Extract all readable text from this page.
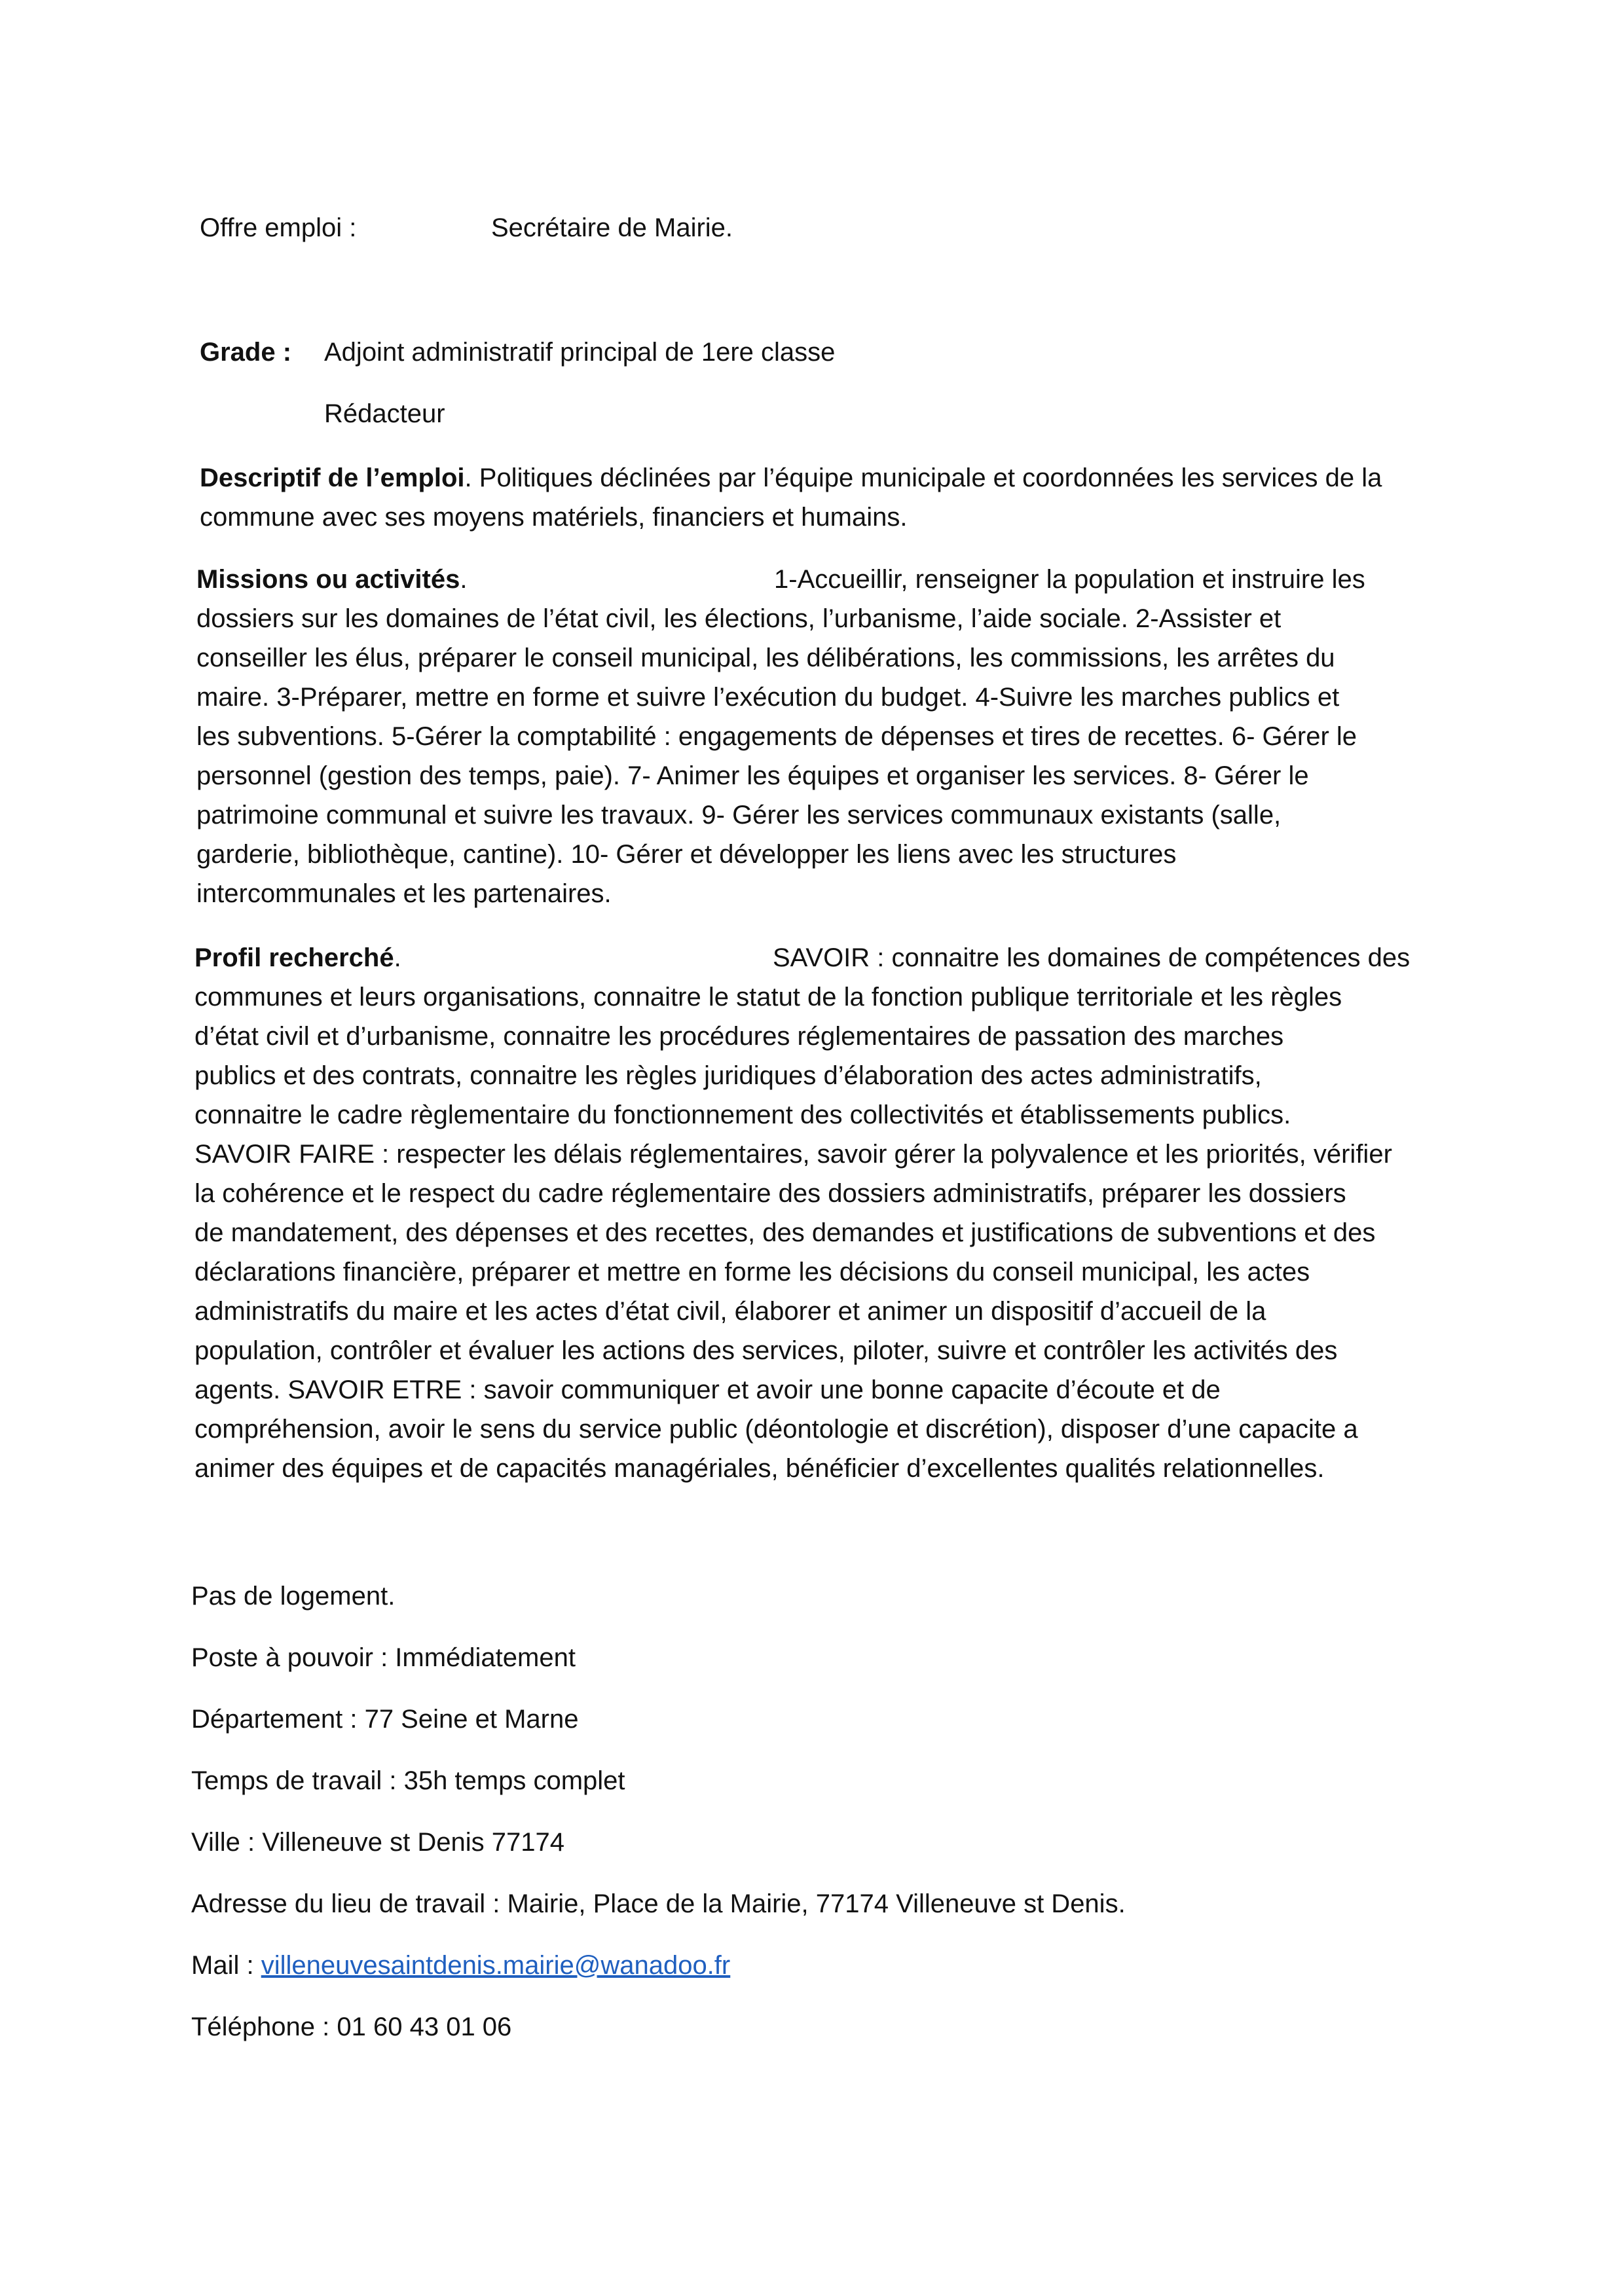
Offre emploi :	Secrétaire de Mairie.
Grade : Adjoint administratif principal de 1ere classe
Rédacteur
Descriptif de l’emploi. Politiques déclinées par l’équipe municipale et coordonnées les services de la
commune avec ses moyens matériels, financiers et humains.
Missions ou activités.	1-Accueillir, renseigner la population et instruire les
dossiers sur les domaines de l’état civil, les élections, l’urbanisme, l’aide sociale. 2-Assister et
conseiller les élus, préparer le conseil municipal, les délibérations, les commissions, les arrêtes du
maire. 3-Préparer, mettre en forme et suivre l’exécution du budget. 4-Suivre les marches publics et
les subventions. 5-Gérer la comptabilité : engagements de dépenses et tires de recettes. 6- Gérer le
personnel (gestion des temps, paie). 7- Animer les équipes et organiser les services. 8- Gérer le
patrimoine communal et suivre les travaux. 9- Gérer les services communaux existants (salle,
garderie, bibliothèque, cantine). 10- Gérer et développer les liens avec les structures
intercommunales et les partenaires.
Profil recherché.	SAVOIR : connaitre les domaines de compétences des
communes et leurs organisations, connaitre le statut de la fonction publique territoriale et les règles
d’état civil et d’urbanisme, connaitre les procédures réglementaires de passation des marches
publics et des contrats, connaitre les règles juridiques d’élaboration des actes administratifs,
connaitre le cadre règlementaire du fonctionnement des collectivités et établissements publics.
SAVOIR FAIRE : respecter les délais réglementaires, savoir gérer la polyvalence et les priorités, vérifier
la cohérence et le respect du cadre réglementaire des dossiers administratifs, préparer les dossiers
de mandatement, des dépenses et des recettes, des demandes et justifications de subventions et des
déclarations financière, préparer et mettre en forme les décisions du conseil municipal, les actes
administratifs du maire et les actes d’état civil, élaborer et animer un dispositif d’accueil de la
population, contrôler et évaluer les actions des services, piloter, suivre et contrôler les activités des
agents. SAVOIR ETRE : savoir communiquer et avoir une bonne capacite d’écoute et de
compréhension, avoir le sens du service public (déontologie et discrétion), disposer d’une capacite a
animer des équipes et de capacités managériales, bénéficier d’excellentes qualités relationnelles.
Pas de logement.
Poste à pouvoir : Immédiatement
Département : 77 Seine et Marne
Temps de travail : 35h temps complet
Ville : Villeneuve st Denis 77174
Adresse du lieu de travail : Mairie, Place de la Mairie, 77174 Villeneuve st Denis.
Mail : villeneuvesaintdenis.mairie@wanadoo.fr
Téléphone : 01 60 43 01 06
